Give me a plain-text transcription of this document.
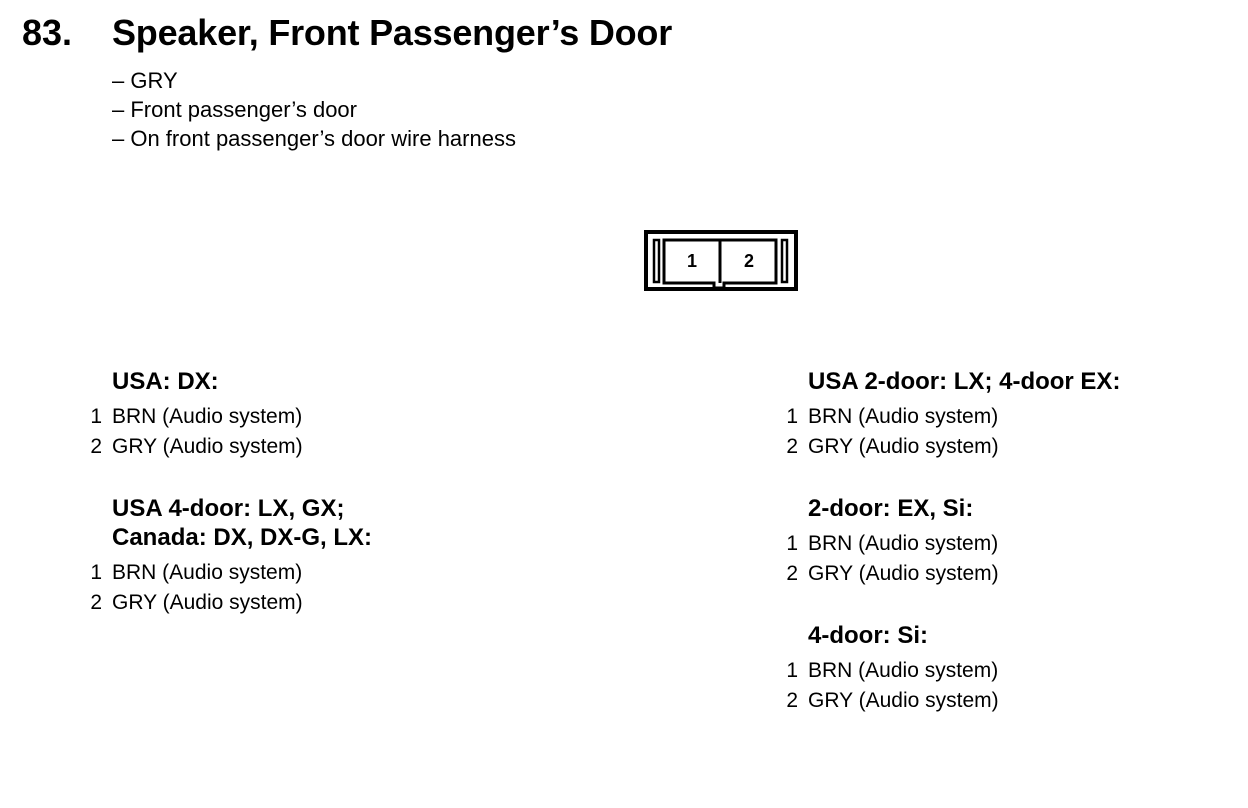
83. Speaker, Front Passenger’s Door
– GRY
– Front passenger’s door
– On front passenger’s door wire harness
1	2
USA: DX:
1 BRN (Audio system)
2 GRY (Audio system)
USA 4-door: LX, GX;
Canada: DX, DX-G, LX:
1 BRN (Audio system)
2 GRY (Audio system)
USA 2-door: LX; 4-door EX:
1 BRN (Audio system)
2 GRY (Audio system)
2-door: EX, Si:
1 BRN (Audio system)
2 GRY (Audio system)
4-door: Si:
1 BRN (Audio system)
2 GRY (Audio system)
